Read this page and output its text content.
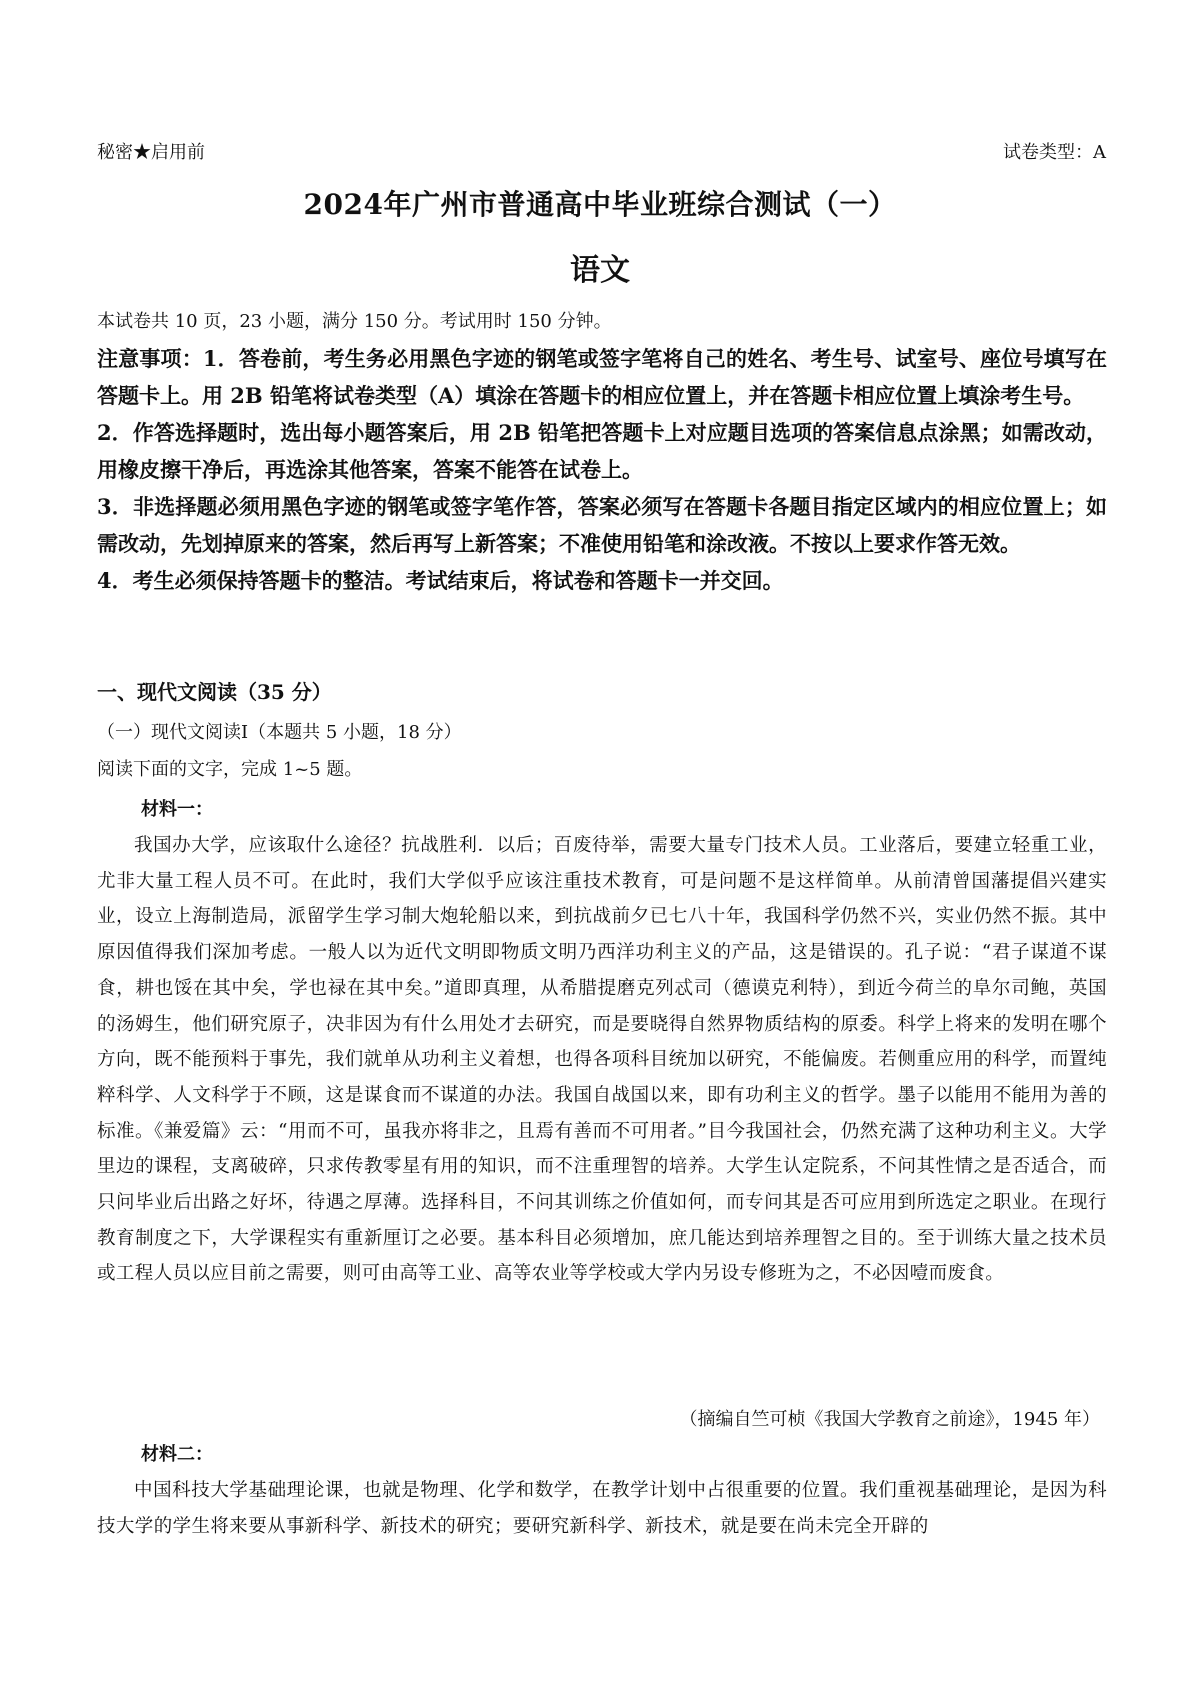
秘密★启用前	试卷类型：A
2024年广州市普通高中毕业班综合测试（一）
语文
本试卷共 10 页，23 小题，满分 150 分。考试用时 150 分钟。

注意事项：1．答卷前，考生务必用黑色字迹的钢笔或签字笔将自己的姓名、考生号、试室号、座位号填写在答题卡上。用 2B 铅笔将试卷类型（A）填涂在答题卡的相应位置上，并在答题卡相应位置上填涂考生号。

2．作答选择题时，选出每小题答案后，用 2B 铅笔把答题卡上对应题目选项的答案信息点涂黑；如需改动，用橡皮擦干净后，再选涂其他答案，答案不能答在试卷上。

3．非选择题必须用黑色字迹的钢笔或签字笔作答，答案必须写在答题卡各题目指定区域内的相应位置上；如需改动，先划掉原来的答案，然后再写上新答案；不准使用铅笔和涂改液。不按以上要求作答无效。

4．考生必须保持答题卡的整洁。考试结束后，将试卷和答题卡一并交回。

一、现代文阅读（35 分）
（一）现代文阅读Ⅰ（本题共 5 小题，18 分）
阅读下面的文字，完成 1~5 题。
材料一：

我国办大学，应该取什么途径？抗战胜利．以后；百废待举，需要大量专门技术人员。工业落后，要建立轻重工业，尤非大量工程人员不可。在此时，我们大学似乎应该注重技术教育，可是问题不是这样简单。从前清曾国藩提倡兴建实业，设立上海制造局，派留学生学习制大炮轮船以来，到抗战前夕已七八十年，我国科学仍然不兴，实业仍然不振。其中原因值得我们深加考虑。一般人以为近代文明即物质文明乃西洋功利主义的产品，这是错误的。孔子说：“君子谋道不谋食，耕也馁在其中矣，学也禄在其中矣。”道即真理，从希腊提磨克列忒司（德谟克利特），到近今荷兰的阜尔司鲍，英国的汤姆生，他们研究原子，决非因为有什么用处才去研究，而是要晓得自然界物质结构的原委。科学上将来的发明在哪个方向，既不能预料于事先，我们就单从功利主义着想，也得各项科目统加以研究，不能偏废。若侧重应用的科学，而置纯粹科学、人文科学于不顾，这是谋食而不谋道的办法。我国自战国以来，即有功利主义的哲学。墨子以能用不能用为善的标准。《兼爱篇》云：“用而不可，虽我亦将非之，且焉有善而不可用者。”目今我国社会，仍然充满了这种功利主义。大学里边的课程，支离破碎，只求传教零星有用的知识，而不注重理智的培养。大学生认定院系，不问其性情之是否适合，而只问毕业后出路之好坏，待遇之厚薄。选择科目，不问其训练之价值如何，而专问其是否可应用到所选定之职业。在现行教育制度之下，大学课程实有重新厘订之必要。基本科目必须增加，庶几能达到培养理智之目的。至于训练大量之技术员或工程人员以应目前之需要，则可由高等工业、高等农业等学校或大学内另设专修班为之，不必因噎而废食。

（摘编自竺可桢《我国大学教育之前途》，1945 年）
材料二：

中国科技大学基础理论课，也就是物理、化学和数学，在教学计划中占很重要的位置。我们重视基础理论，是因为科技大学的学生将来要从事新科学、新技术的研究；要研究新科学、新技术，就是要在尚未完全开辟的
